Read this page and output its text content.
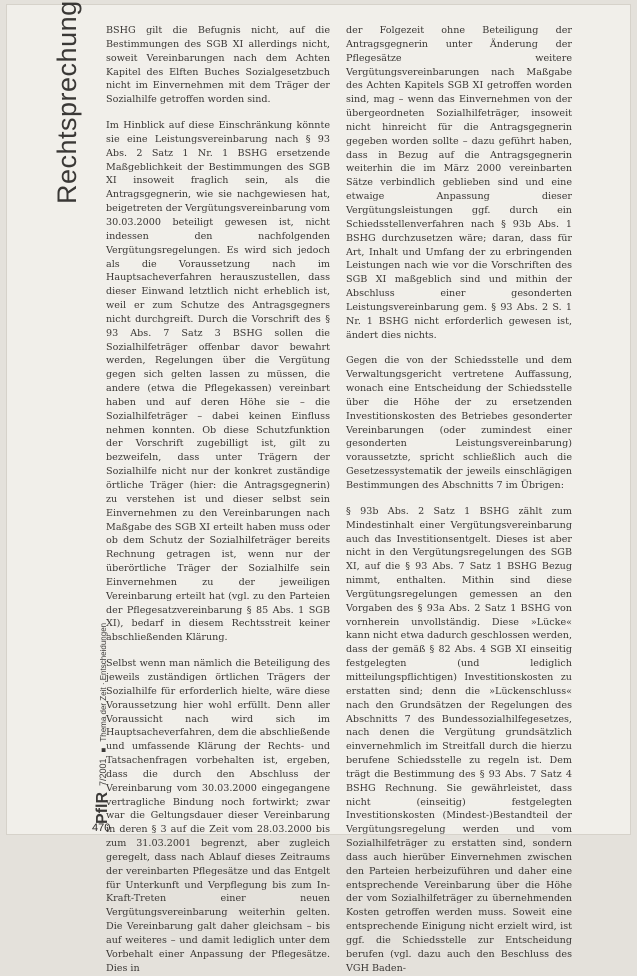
Rechtsprechung
PflR
7/2001
■
Thema der Zeit · Entscheidungen
470

BSHG gilt die Befugnis nicht, auf die Bestimmungen des SGB XI allerdings nicht, soweit Vereinbarungen nach dem Achten Kapitel des Elften Buches Sozialgesetzbuch nicht im Einvernehmen mit dem Träger der Sozialhilfe getroffen worden sind.

Im Hinblick auf diese Einschränkung könnte sie eine Leistungsvereinbarung nach § 93 Abs. 2 Satz 1 Nr. 1 BSHG ersetzende Maßgeblichkeit der Bestimmungen des SGB XI insoweit fraglich sein, als die Antragsgegnerin, wie sie nachgewiesen hat, beigetreten der Vergütungsvereinbarung vom 30.03.2000 beteiligt gewesen ist, nicht indessen den nachfolgenden Vergütungsregelungen. Es wird sich jedoch als die Voraussetzung nach im Hauptsacheverfahren herauszustellen, dass dieser Einwand letztlich nicht erheblich ist, weil er zum Schutze des Antragsgegners nicht durchgreift. Durch die Vorschrift des § 93 Abs. 7 Satz 3 BSHG sollen die Sozialhilfeträger offenbar davor bewahrt werden, Regelungen über die Vergütung gegen sich gelten lassen zu müssen, die andere (etwa die Pflegekassen) vereinbart haben und auf deren Höhe sie – die Sozialhilfeträger – dabei keinen Einfluss nehmen konnten. Ob diese Schutzfunktion der Vorschrift zugebilligt ist, gilt zu bezweifeln, dass unter Trägern der Sozialhilfe nicht nur der konkret zuständige örtliche Träger (hier: die Antragsgegnerin) zu verstehen ist und dieser selbst sein Einvernehmen zu den Vereinbarungen nach Maßgabe des SGB XI erteilt haben muss oder ob dem Schutz der Sozialhilfeträger bereits Rechnung getragen ist, wenn nur der überörtliche Träger der Sozialhilfe sein Einvernehmen zu der jeweiligen Vereinbarung erteilt hat (vgl. zu den Parteien der Pflegesatzvereinbarung § 85 Abs. 1 SGB XI), bedarf in diesem Rechtsstreit keiner abschließenden Klärung.

Selbst wenn man nämlich die Beteiligung des jeweils zuständigen örtlichen Trägers der Sozialhilfe für erforderlich hielte, wäre diese Voraussetzung hier wohl erfüllt. Denn aller Voraussicht nach wird sich im Hauptsacheverfahren, dem die abschließende und umfassende Klärung der Rechts- und Tatsachenfragen vorbehalten ist, ergeben, dass die durch den Abschluss der Vereinbarung vom 30.03.2000 eingegangene vertragliche Bindung noch fortwirkt; zwar war die Geltungsdauer dieser Vereinbarung in deren § 3 auf die Zeit vom 28.03.2000 bis zum 31.03.2001 begrenzt, aber zugleich geregelt, dass nach Ablauf dieses Zeitraums der vereinbarten Pflegesätze und das Entgelt für Unterkunft und Verpflegung bis zum In-Kraft-Treten einer neuen Vergütungsvereinbarung weiterhin gelten. Die Vereinbarung galt daher gleichsam – bis auf weiteres – und damit lediglich unter dem Vorbehalt einer Anpassung der Pflegesätze. Dies in

der Folgezeit ohne Beteiligung der Antragsgegnerin unter Änderung der Pflegesätze weitere Vergütungsvereinbarungen nach Maßgabe des Achten Kapitels SGB XI getroffen worden sind, mag – wenn das Einvernehmen von der übergeordneten Sozialhilfeträger, insoweit nicht hinreicht für die Antragsgegnerin gegeben worden sollte – dazu geführt haben, dass in Bezug auf die Antragsgegnerin weiterhin die im März 2000 vereinbarten Sätze verbindlich geblieben sind und eine etwaige Anpassung dieser Vergütungsleistungen ggf. durch ein Schiedsstellenverfahren nach § 93b Abs. 1 BSHG durchzusetzen wäre; daran, dass für Art, Inhalt und Umfang der zu erbringenden Leistungen nach wie vor die Vorschriften des SGB XI maßgeblich sind und mithin der Abschluss einer gesonderten Leistungsvereinbarung gem. § 93 Abs. 2 S. 1 Nr. 1 BSHG nicht erforderlich gewesen ist, ändert dies nichts.

Gegen die von der Schiedsstelle und dem Verwaltungsgericht vertretene Auffassung, wonach eine Entscheidung der Schiedsstelle über die Höhe der zu ersetzenden Investitionskosten des Betriebes gesonderter Vereinbarungen (oder zumindest einer gesonderten Leistungsvereinbarung) voraussetzte, spricht schließlich auch die Gesetzessystematik der jeweils einschlägigen Bestimmungen des Abschnitts 7 im Übrigen:

§ 93b Abs. 2 Satz 1 BSHG zählt zum Mindestinhalt einer Vergütungsvereinbarung auch das Investitionsentgelt. Dieses ist aber nicht in den Vergütungsregelungen des SGB XI, auf die § 93 Abs. 7 Satz 1 BSHG Bezug nimmt, enthalten. Mithin sind diese Vergütungsregelungen gemessen an den Vorgaben des § 93a Abs. 2 Satz 1 BSHG von vornherein unvollständig. Diese »Lücke« kann nicht etwa dadurch geschlossen werden, dass der gemäß § 82 Abs. 4 SGB XI einseitig festgelegten (und lediglich mitteilungspflichtigen) Investitionskosten zu erstatten sind; denn die »Lückenschluss« nach den Grundsätzen der Regelungen des Abschnitts 7 des Bundessozialhilfegesetzes, nach denen die Vergütung grundsätzlich einvernehmlich im Streitfall durch die hierzu berufene Schiedsstelle zu regeln ist. Dem trägt die Bestimmung des § 93 Abs. 7 Satz 4 BSHG Rechnung. Sie gewährleistet, dass nicht (einseitig) festgelegten Investitionskosten (Mindest-)Bestandteil der Vergütungsregelung werden und vom Sozialhilfeträger zu erstatten sind, sondern dass auch hierüber Einvernehmen zwischen den Parteien herbeizuführen und daher eine entsprechende Vereinbarung über die Höhe der vom Sozialhilfeträger zu übernehmenden Kosten getroffen werden muss. Soweit eine entsprechende Einigung nicht erzielt wird, ist ggf. die Schiedsstelle zur Entscheidung berufen (vgl. dazu auch den Beschluss des VGH Baden-
